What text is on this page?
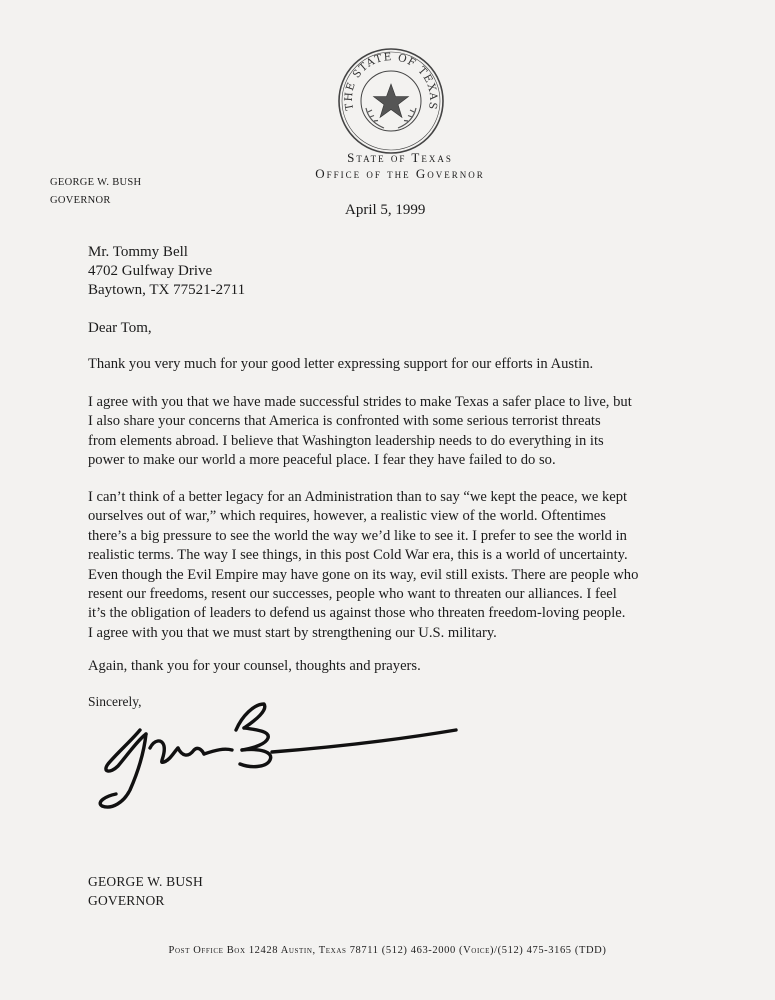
THE STATE OF TEXAS
State of Texas
Office of the Governor
GEORGE W. BUSH
GOVERNOR
April 5, 1999
Mr. Tommy Bell
4702 Gulfway Drive
Baytown, TX 77521-2711
Dear Tom,
Thank you very much for your good letter expressing support for our efforts in Austin.
I agree with you that we have made successful strides to make Texas a safer place to live, but
I also share your concerns that America is confronted with some serious terrorist threats
from elements abroad. I believe that Washington leadership needs to do everything in its
power to make our world a more peaceful place. I fear they have failed to do so.
I can’t think of a better legacy for an Administration than to say “we kept the peace, we kept
ourselves out of war,” which requires, however, a realistic view of the world. Oftentimes
there’s a big pressure to see the world the way we’d like to see it. I prefer to see the world in
realistic terms. The way I see things, in this post Cold War era, this is a world of uncertainty.
Even though the Evil Empire may have gone on its way, evil still exists. There are people who
resent our freedoms, resent our successes, people who want to threaten our alliances. I feel
it’s the obligation of leaders to defend us against those who threaten freedom-loving people.
I agree with you that we must start by strengthening our U.S. military.
Again, thank you for your counsel, thoughts and prayers.
Sincerely,
GEORGE W. BUSH
GOVERNOR
Post Office Box 12428 Austin, Texas 78711 (512) 463-2000 (Voice)/(512) 475-3165 (TDD)
